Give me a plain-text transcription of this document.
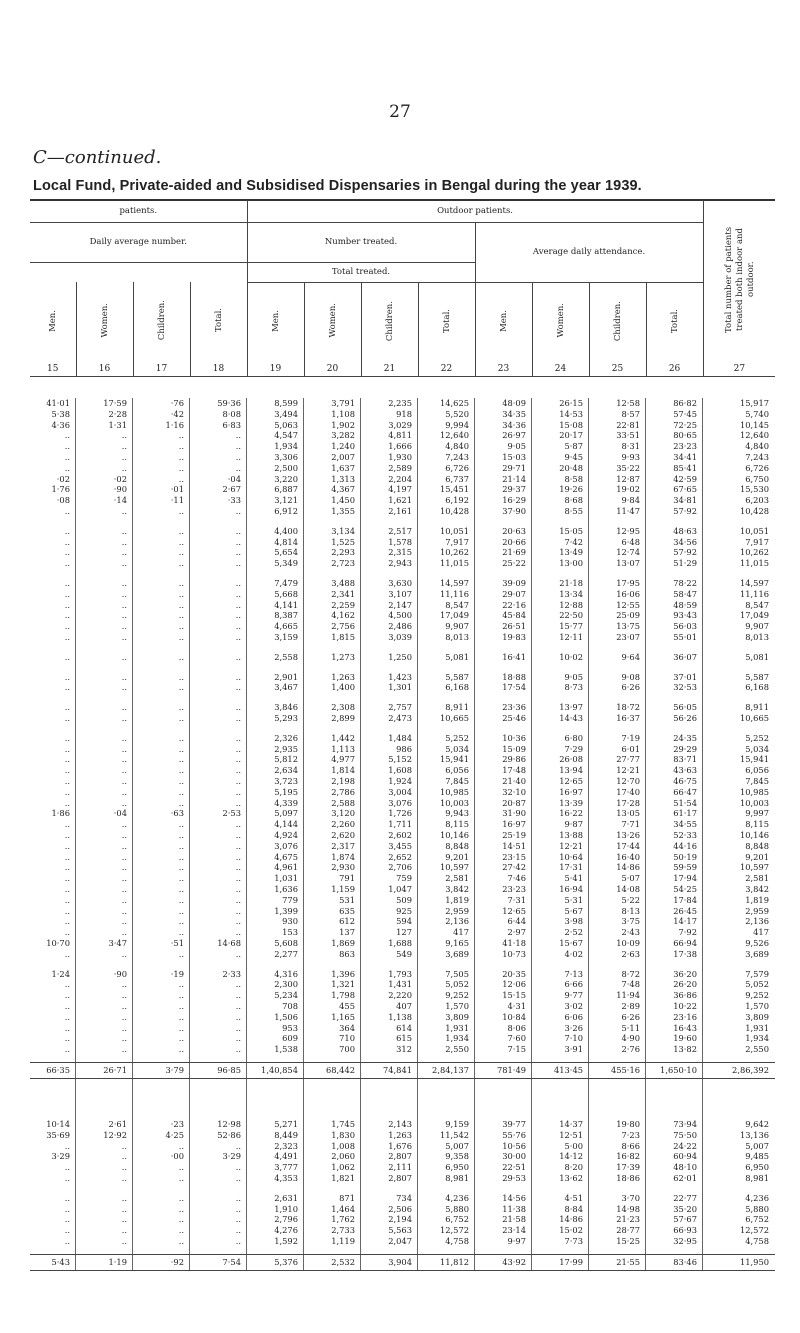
27
C—continued.
Local Fund, Private-aided and Subsidised Dispensaries in Bengal during the year 1939.
patients.				Outdoor patients.								Total number of patients treated both indoor and outdoor.
Daily average number.				Number treated.				Average daily attendance.				
				Total treated.								
Men.	Women.	Children.	Total.	Men.	Women.	Children.	Total.	Men.	Women.	Children.	Total.	
15	16	17	18	19	20	21	22	23	24	25	26	27
41·01	17·59	·76	59·36	8,599	3,791	2,235	14,625	48·09	26·15	12·58	86·82	15,917
5·38	2·28	·42	8·08	3,494	1,108	918	5,520	34·35	14·53	8·57	57·45	5,740
4·36	1·31	1·16	6·83	5,063	1,902	3,029	9,994	34·36	15·08	22·81	72·25	10,145
..	..	..	..	4,547	3,282	4,811	12,640	26·97	20·17	33·51	80·65	12,640
..	..	..	..	1,934	1,240	1,666	4,840	9·05	5·87	8·31	23·23	4,840
..	..	..	..	3,306	2,007	1,930	7,243	15·03	9·45	9·93	34·41	7,243
..	..	..	..	2,500	1,637	2,589	6,726	29·71	20·48	35·22	85·41	6,726
·02	·02	..	·04	3,220	1,313	2,204	6,737	21·14	8·58	12·87	42·59	6,750
1·76	·90	·01	2·67	6,887	4,367	4,197	15,451	29·37	19·26	19·02	67·65	15,530
·08	·14	·11	·33	3,121	1,450	1,621	6,192	16·29	8·68	9·84	34·81	6,203
..	..	..	..	6,912	1,355	2,161	10,428	37·90	8·55	11·47	57·92	10,428
..	..	..	..	4,400	3,134	2,517	10,051	20·63	15·05	12·95	48·63	10,051
..	..	..	..	4,814	1,525	1,578	7,917	20·66	7·42	6·48	34·56	7,917
..	..	..	..	5,654	2,293	2,315	10,262	21·69	13·49	12·74	57·92	10,262
..	..	..	..	5,349	2,723	2,943	11,015	25·22	13·00	13·07	51·29	11,015
..	..	..	..	7,479	3,488	3,630	14,597	39·09	21·18	17·95	78·22	14,597
..	..	..	..	5,668	2,341	3,107	11,116	29·07	13·34	16·06	58·47	11,116
..	..	..	..	4,141	2,259	2,147	8,547	22·16	12·88	12·55	48·59	8,547
..	..	..	..	8,387	4,162	4,500	17,049	45·84	22·50	25·09	93·43	17,049
..	..	..	..	4,665	2,756	2,486	9,907	26·51	15·77	13·75	56·03	9,907
..	..	..	..	3,159	1,815	3,039	8,013	19·83	12·11	23·07	55·01	8,013
..	..	..	..	2,558	1,273	1,250	5,081	16·41	10·02	9·64	36·07	5,081
..	..	..	..	2,901	1,263	1,423	5,587	18·88	9·05	9·08	37·01	5,587
..	..	..	..	3,467	1,400	1,301	6,168	17·54	8·73	6·26	32·53	6,168
..	..	..	..	3,846	2,308	2,757	8,911	23·36	13·97	18·72	56·05	8,911
..	..	..	..	5,293	2,899	2,473	10,665	25·46	14·43	16·37	56·26	10,665
..	..	..	..	2,326	1,442	1,484	5,252	10·36	6·80	7·19	24·35	5,252
..	..	..	..	2,935	1,113	986	5,034	15·09	7·29	6·01	29·29	5,034
..	..	..	..	5,812	4,977	5,152	15,941	29·86	26·08	27·77	83·71	15,941
..	..	..	..	2,634	1,814	1,608	6,056	17·48	13·94	12·21	43·63	6,056
..	..	..	..	3,723	2,198	1,924	7,845	21·40	12·65	12·70	46·75	7,845
..	..	..	..	5,195	2,786	3,004	10,985	32·10	16·97	17·40	66·47	10,985
..	..	..	..	4,339	2,588	3,076	10,003	20·87	13·39	17·28	51·54	10,003
1·86	·04	·63	2·53	5,097	3,120	1,726	9,943	31·90	16·22	13·05	61·17	9,997
..	..	..	..	4,144	2,260	1,711	8,115	16·97	9·87	7·71	34·55	8,115
..	..	..	..	4,924	2,620	2,602	10,146	25·19	13·88	13·26	52·33	10,146
..	..	..	..	3,076	2,317	3,455	8,848	14·51	12·21	17·44	44·16	8,848
..	..	..	..	4,675	1,874	2,652	9,201	23·15	10·64	16·40	50·19	9,201
..	..	..	..	4,961	2,930	2,706	10,597	27·42	17·31	14·86	59·59	10,597
..	..	..	..	1,031	791	759	2,581	7·46	5·41	5·07	17·94	2,581
..	..	..	..	1,636	1,159	1,047	3,842	23·23	16·94	14·08	54·25	3,842
..	..	..	..	779	531	509	1,819	7·31	5·31	5·22	17·84	1,819
..	..	..	..	1,399	635	925	2,959	12·65	5·67	8·13	26·45	2,959
..	..	..	..	930	612	594	2,136	6·44	3·98	3·75	14·17	2,136
..	..	..	..	153	137	127	417	2·97	2·52	2·43	7·92	417
10·70	3·47	·51	14·68	5,608	1,869	1,688	9,165	41·18	15·67	10·09	66·94	9,526
..	..	..	..	2,277	863	549	3,689	10·73	4·02	2·63	17·38	3,689
1·24	·90	·19	2·33	4,316	1,396	1,793	7,505	20·35	7·13	8·72	36·20	7,579
..	..	..	..	2,300	1,321	1,431	5,052	12·06	6·66	7·48	26·20	5,052
..	..	..	..	5,234	1,798	2,220	9,252	15·15	9·77	11·94	36·86	9,252
..	..	..	..	708	455	407	1,570	4·31	3·02	2·89	10·22	1,570
..	..	..	..	1,506	1,165	1,138	3,809	10·84	6·06	6·26	23·16	3,809
..	..	..	..	953	364	614	1,931	8·06	3·26	5·11	16·43	1,931
..	..	..	..	609	710	615	1,934	7·60	7·10	4·90	19·60	1,934
..	..	..	..	1,538	700	312	2,550	7·15	3·91	2·76	13·82	2,550
66·35	26·71	3·79	96·85	1,40,854	68,442	74,841	2,84,137	781·49	413·45	455·16	1,650·10	2,86,392
10·14	2·61	·23	12·98	5,271	1,745	2,143	9,159	39·77	14·37	19·80	73·94	9,642
35·69	12·92	4·25	52·86	8,449	1,830	1,263	11,542	55·76	12·51	7·23	75·50	13,136
..	..	..	..	2,323	1,008	1,676	5,007	10·56	5·00	8·66	24·22	5,007
3·29	..	·00	3·29	4,491	2,060	2,807	9,358	30·00	14·12	16·82	60·94	9,485
..	..	..	..	3,777	1,062	2,111	6,950	22·51	8·20	17·39	48·10	6,950
..	..	..	..	4,353	1,821	2,807	8,981	29·53	13·62	18·86	62·01	8,981
..	..	..	..	2,631	871	734	4,236	14·56	4·51	3·70	22·77	4,236
..	..	..	..	1,910	1,464	2,506	5,880	11·38	8·84	14·98	35·20	5,880
..	..	..	..	2,796	1,762	2,194	6,752	21·58	14·86	21·23	57·67	6,752
..	..	..	..	4,276	2,733	5,563	12,572	23·14	15·02	28·77	66·93	12,572
..	..	..	..	1,592	1,119	2,047	4,758	9·97	7·73	15·25	32·95	4,758
5·43	1·19	·92	7·54	5,376	2,532	3,904	11,812	43·92	17·99	21·55	83·46	11,950
